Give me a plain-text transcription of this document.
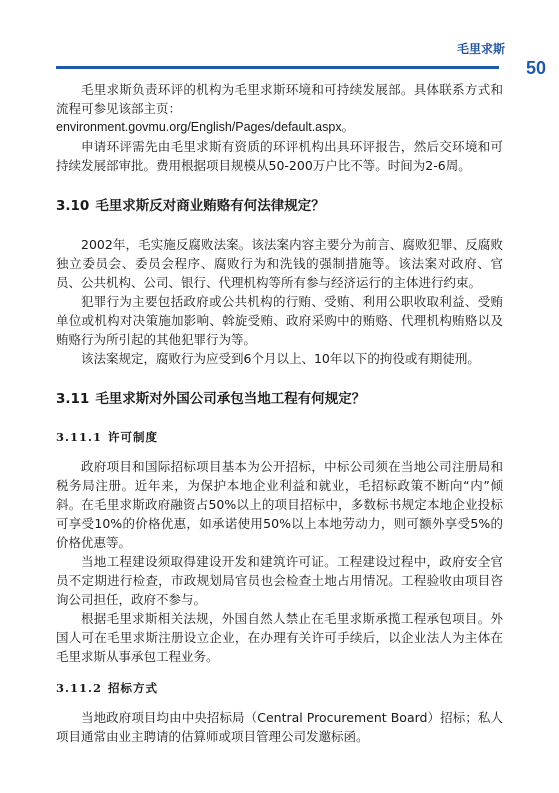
毛里求斯
50

毛里求斯负责环评的机构为毛里求斯环境和可持续发展部。具体联系方式和流程可参见该部主页：

environment.govmu.org/English/Pages/default.aspx。

申请环评需先由毛里求斯有资质的环评机构出具环评报告，然后交环境和可持续发展部审批。费用根据项目规模从50-200万户比不等。时间为2-6周。

3.10 毛里求斯反对商业贿赂有何法律规定？

2002年，毛实施反腐败法案。该法案内容主要分为前言、腐败犯罪、反腐败独立委员会、委员会程序、腐败行为和洗钱的强制措施等。该法案对政府、官员、公共机构、公司、银行、代理机构等所有参与经济运行的主体进行约束。

犯罪行为主要包括政府或公共机构的行贿、受贿、利用公职收取利益、受贿单位或机构对决策施加影响、斡旋受贿、政府采购中的贿赂、代理机构贿赂以及贿赂行为所引起的其他犯罪行为等。

该法案规定，腐败行为应受到6个月以上、10年以下的拘役或有期徒刑。

3.11 毛里求斯对外国公司承包当地工程有何规定？
3.11.1 许可制度

政府项目和国际招标项目基本为公开招标，中标公司须在当地公司注册局和税务局注册。近年来，为保护本地企业利益和就业，毛招标政策不断向“内”倾斜。在毛里求斯政府融资占50%以上的项目招标中，多数标书规定本地企业投标可享受10%的价格优惠，如承诺使用50%以上本地劳动力，则可额外享受5%的价格优惠等。

当地工程建设须取得建设开发和建筑许可证。工程建设过程中，政府安全官员不定期进行检查，市政规划局官员也会检查土地占用情况。工程验收由项目咨询公司担任，政府不参与。

根据毛里求斯相关法规，外国自然人禁止在毛里求斯承揽工程承包项目。外国人可在毛里求斯注册设立企业，在办理有关许可手续后，以企业法人为主体在毛里求斯从事承包工程业务。

3.11.2 招标方式

当地政府项目均由中央招标局（Central Procurement Board）招标；私人项目通常由业主聘请的估算师或项目管理公司发邀标函。
